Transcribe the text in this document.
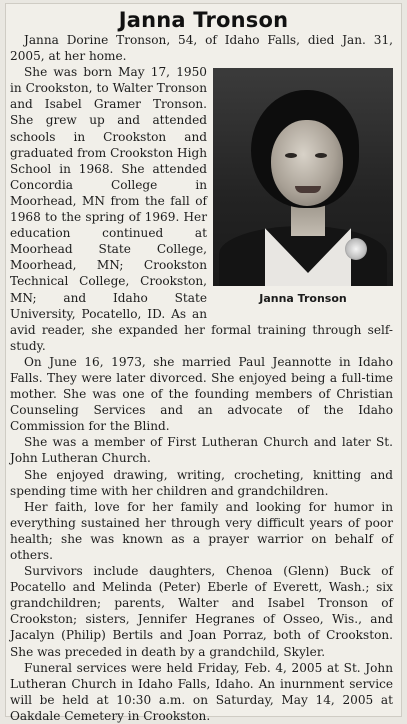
Janna Tronson

Janna Dorine Tronson, 54, of Idaho Falls, died Jan. 31, 2005, at her home.

Janna Tronson

She was born May 17, 1950 in Crookston, to Walter Tronson and Isabel Gramer Tronson. She grew up and attended schools in Crookston and graduated from Crookston High School in 1968. She attended Concordia College in Moorhead, MN from the fall of 1968 to the spring of 1969. Her education continued at Moorhead State College, Moorhead, MN; Crookston Technical College, Crookston, MN; and Idaho State University, Pocatello, ID. As an avid reader, she expanded her formal training through self-study.

On June 16, 1973, she married Paul Jeannotte in Idaho Falls. They were later divorced. She enjoyed being a full-time mother. She was one of the founding members of Christian Counseling Services and an advocate of the Idaho Commission for the Blind.

She was a member of First Lutheran Church and later St. John Lutheran Church.

She enjoyed drawing, writing, crocheting, knitting and spending time with her children and grandchildren.

Her faith, love for her family and looking for humor in everything sustained her through very difficult years of poor health; she was known as a prayer warrior on behalf of others.

Survivors include daughters, Chenoa (Glenn) Buck of Pocatello and Melinda (Peter) Eberle of Everett, Wash.; six grandchildren; parents, Walter and Isabel Tronson of Crookston; sisters, Jennifer Hegranes of Osseo, Wis., and Jacalyn (Philip) Bertils and Joan Porraz, both of Crookston. She was preceded in death by a grandchild, Skyler.

Funeral services were held Friday, Feb. 4, 2005 at St. John Lutheran Church in Idaho Falls, Idaho. An inurnment service will be held at 10:30 a.m. on Saturday, May 14, 2005 at Oakdale Cemetery in Crookston.
